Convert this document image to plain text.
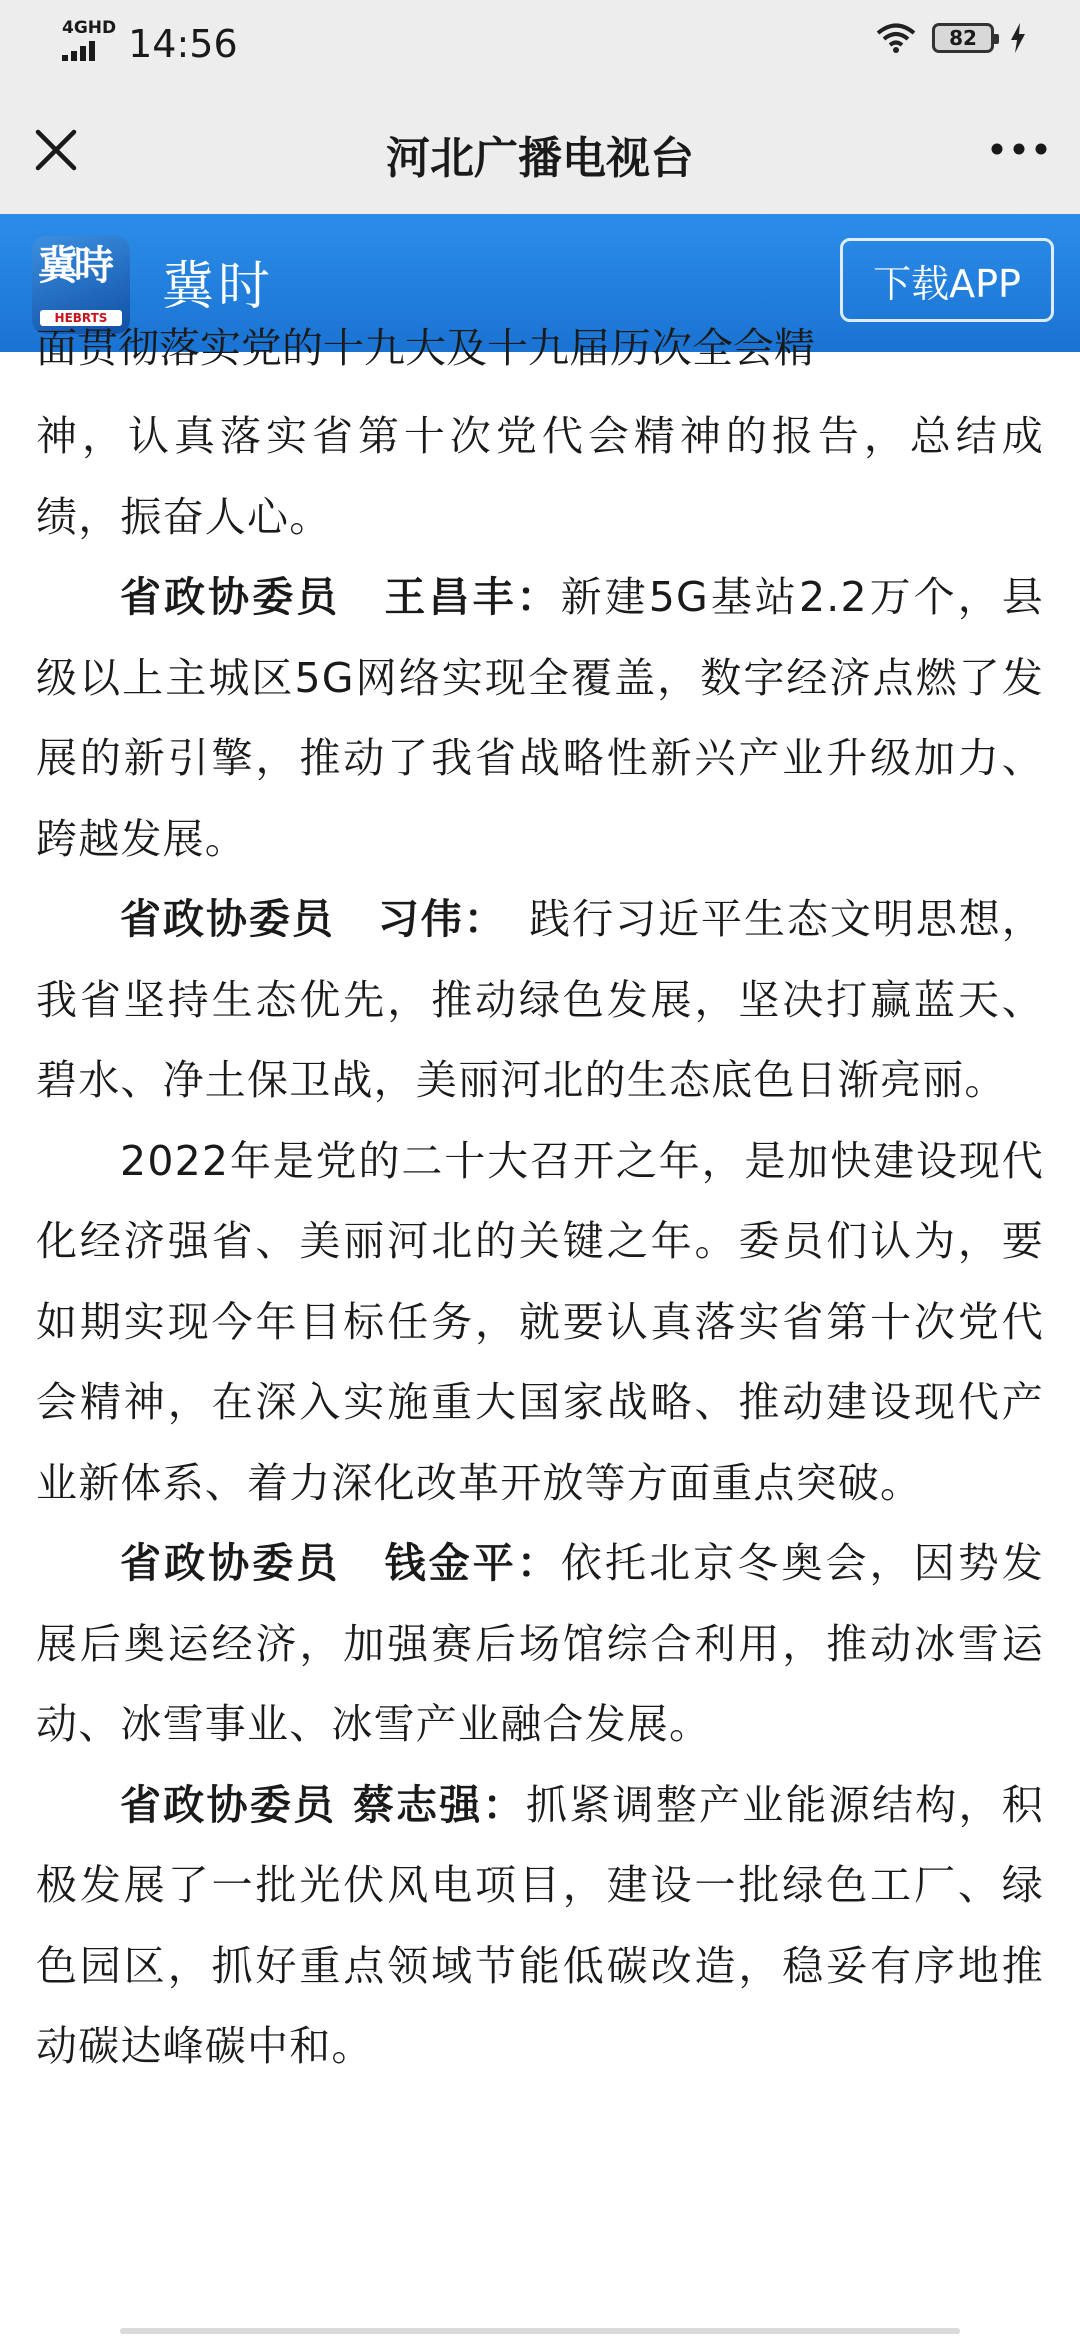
4GHD 14:56	82
河北广播电视台
冀時
HEBRTS
冀时	下载APP
面贯彻落实党的十九大及十九届历次全会精

神，认真落实省第十次党代会精神的报告，总结成绩，振奋人心。

省政协委员　王昌丰：新建5G基站2.2万个，县级以上主城区5G网络实现全覆盖，数字经济点燃了发展的新引擎，推动了我省战略性新兴产业升级加力、跨越发展。

省政协委员　习伟：　践行习近平生态文明思想，我省坚持生态优先，推动绿色发展，坚决打赢蓝天、碧水、净土保卫战，美丽河北的生态底色日渐亮丽。

2022年是党的二十大召开之年，是加快建设现代化经济强省、美丽河北的关键之年。委员们认为，要如期实现今年目标任务，就要认真落实省第十次党代会精神，在深入实施重大国家战略、推动建设现代产业新体系、着力深化改革开放等方面重点突破。

省政协委员　钱金平：依托北京冬奥会，因势发展后奥运经济，加强赛后场馆综合利用，推动冰雪运动、冰雪事业、冰雪产业融合发展。

省政协委员 蔡志强：抓紧调整产业能源结构，积极发展了一批光伏风电项目，建设一批绿色工厂、绿色园区，抓好重点领域节能低碳改造，稳妥有序地推动碳达峰碳中和。
